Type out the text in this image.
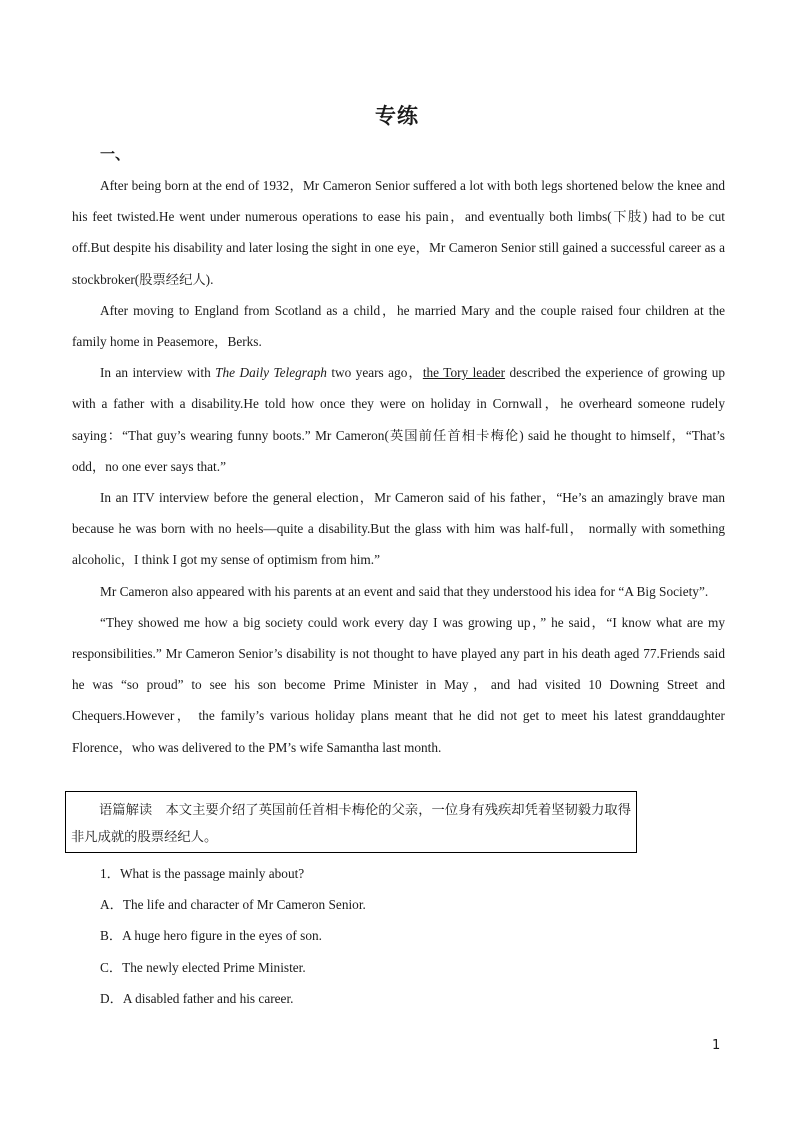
专练
一、

After being born at the end of 1932，Mr Cameron Senior suffered a lot with both legs shortened below the knee and his feet twisted.He went under numerous operations to ease his pain，and eventually both limbs(下肢) had to be cut off.But despite his disability and later losing the sight in one eye，Mr Cameron Senior still gained a successful career as a stockbroker(股票经纪人).

After moving to England from Scotland as a child，he married Mary and the couple raised four children at the family home in Peasemore，Berks.

In an interview with The Daily Telegraph two years ago，the Tory leader described the experience of growing up with a father with a disability.He told how once they were on holiday in Cornwall，he overheard someone rudely saying：“That guy’s wearing funny boots.” Mr Cameron(英国前任首相卡梅伦) said he thought to himself，“That’s odd，no one ever says that.”

In an ITV interview before the general election，Mr Cameron said of his father，“He’s an amazingly brave man because he was born with no heels—quite a disability.But the glass with him was half-full， normally with something alcoholic，I think I got my sense of optimism from him.”

Mr Cameron also appeared with his parents at an event and said that they understood his idea for “A Big Society”.

“They showed me how a big society could work every day I was growing up，” he said，“I know what are my responsibilities.” Mr Cameron Senior’s disability is not thought to have played any part in his death aged 77.Friends said he was “so proud” to see his son become Prime Minister in May，and had visited 10 Downing Street and Chequers.However， the family’s various holiday plans meant that he did not get to meet his latest granddaughter Florence，who was delivered to the PM’s wife Samantha last month.

语篇解读　本文主要介绍了英国前任首相卡梅伦的父亲，一位身有残疾却凭着坚韧毅力取得非凡成就的股票经纪人。
1．What is the passage mainly about?
A．The life and character of Mr Cameron Senior.
B．A huge hero figure in the eyes of son.
C．The newly elected Prime Minister.
D．A disabled father and his career.
1
